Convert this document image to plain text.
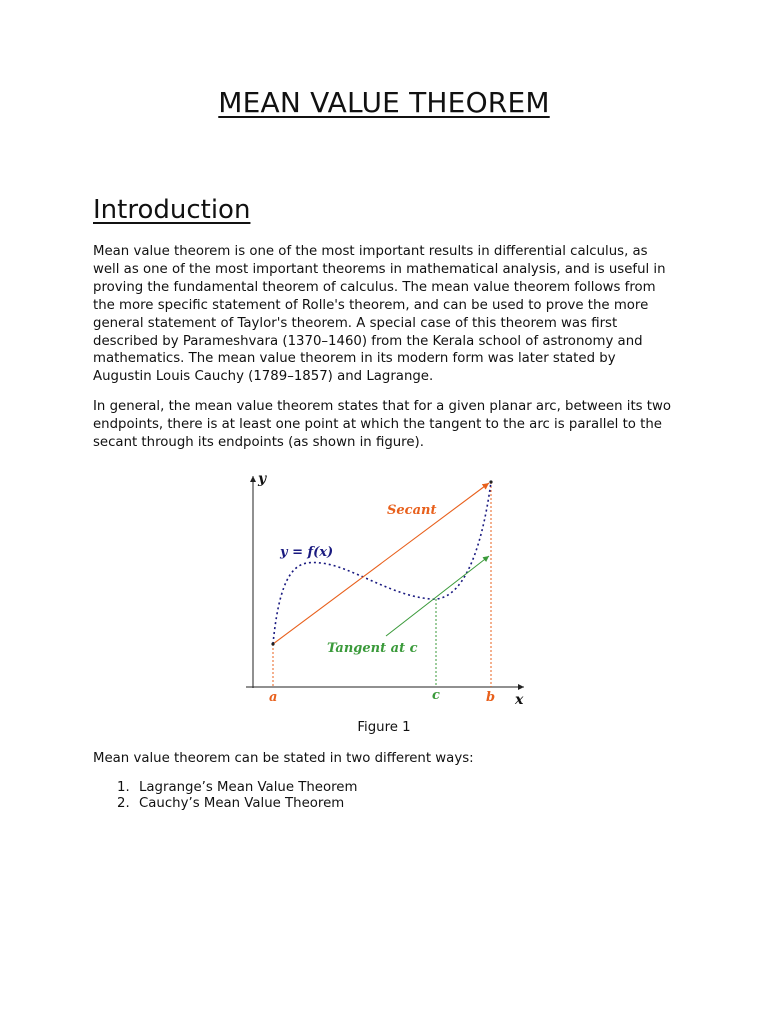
MEAN VALUE THEOREM
Introduction

Mean value theorem is one of the most important results in differential calculus, as well as one of the most important theorems in mathematical analysis, and is useful in proving the fundamental theorem of calculus. The mean value theorem follows from the more specific statement of Rolle's theorem, and can be used to prove the more general statement of Taylor's theorem. A special case of this theorem was first described by Parameshvara (1370–1460) from the Kerala school of astronomy and mathematics. The mean value theorem in its modern form was later stated by Augustin Louis Cauchy (1789–1857) and Lagrange.

In general, the mean value theorem states that for a given planar arc, between its two endpoints, there is at least one point at which the tangent to the arc is parallel to the secant through its endpoints (as shown in figure).

y
x
Secant
y = f(x)
Tangent at c
a	c	b

Figure 1

Mean value theorem can be stated in two different ways:

1. Lagrange’s Mean Value Theorem
2. Cauchy’s Mean Value Theorem
